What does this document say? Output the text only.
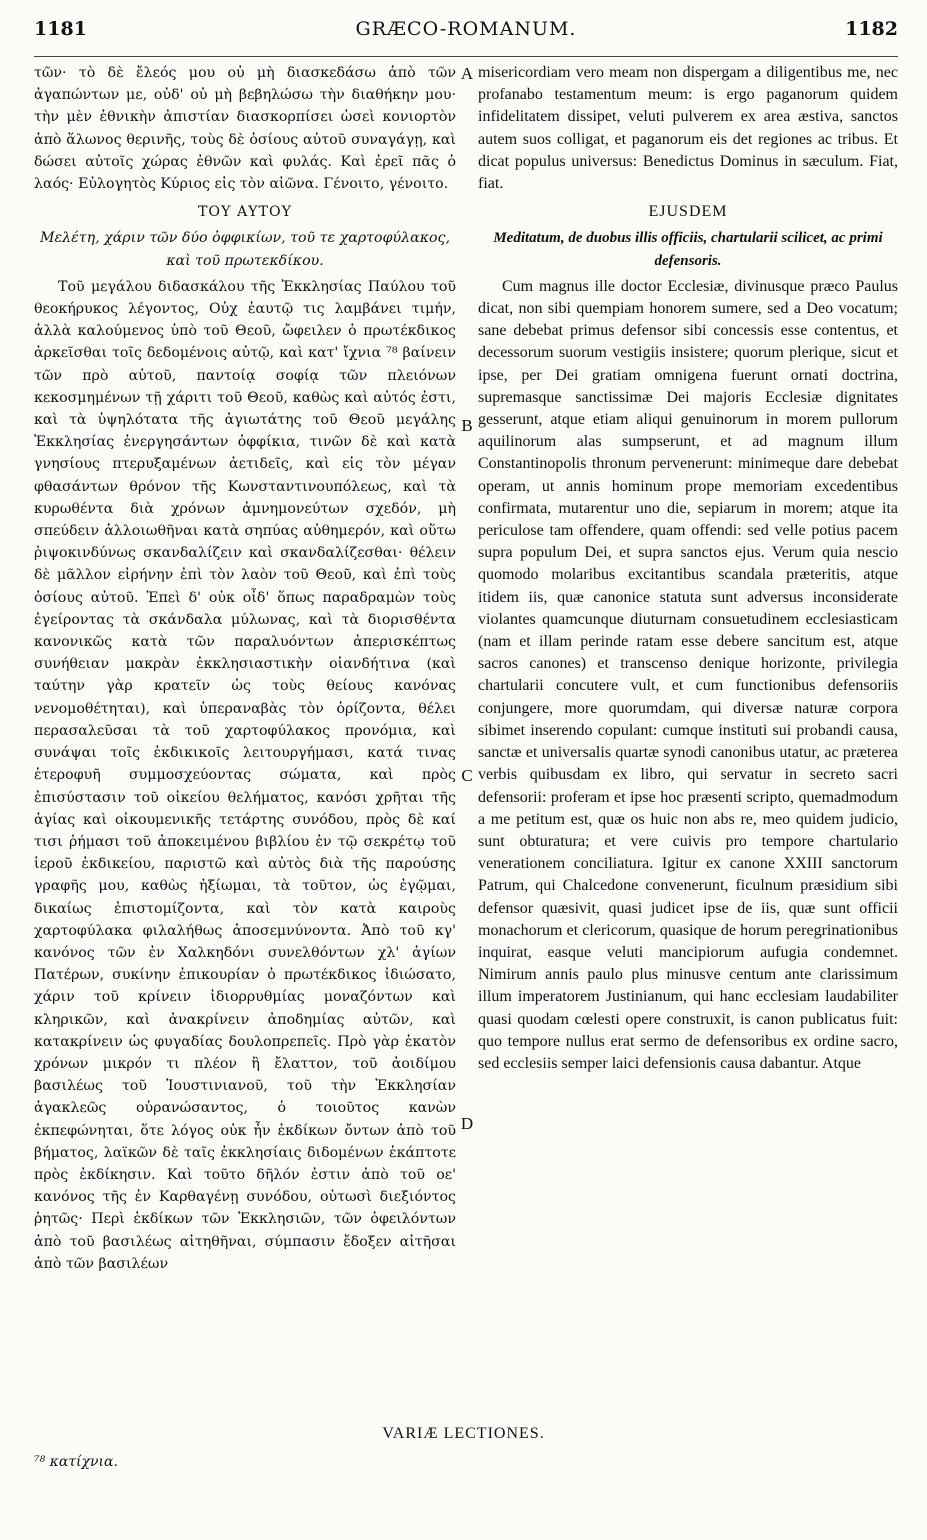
1181	GRÆCO-ROMANUM.	1182

τῶν· τὸ δὲ ἔλεός μου οὐ μὴ διασκεδάσω ἀπὸ τῶν ἀγαπώντων με, οὐδ' οὐ μὴ βεβηλώσω τὴν διαθήκην μου· τὴν μὲν ἐθνικὴν ἀπιστίαν διασκορπίσει ὡσεὶ κονιορτὸν ἀπὸ ἅλωνος θερινῆς, τοὺς δὲ ὁσίους αὐτοῦ συναγάγῃ, καὶ δώσει αὐτοῖς χώρας ἐθνῶν καὶ φυλάς. Καὶ ἐρεῖ πᾶς ὁ λαός· Εὐλογητὸς Κύριος εἰς τὸν αἰῶνα. Γένοιτο, γένοιτο.

ΤΟΥ ΑΥΤΟΥ

Μελέτη, χάριν τῶν δύο ὀφφικίων, τοῦ τε χαρτοφύλακος, καὶ τοῦ πρωτεκδίκου.

Τοῦ μεγάλου διδασκάλου τῆς Ἐκκλησίας Παύλου τοῦ θεοκήρυκος λέγοντος, Οὐχ ἑαυτῷ τις λαμβάνει τιμήν, ἀλλὰ καλούμενος ὑπὸ τοῦ Θεοῦ, ὤφειλεν ὁ πρωτέκδικος ἀρκεῖσθαι τοῖς δεδομένοις αὐτῷ, καὶ κατ' ἴχνια ⁷⁸ βαίνειν τῶν πρὸ αὐτοῦ, παντοίᾳ σοφίᾳ τῶν πλειόνων κεκοσμημένων τῇ χάριτι τοῦ Θεοῦ, καθὼς καὶ αὐτός ἐστι, καὶ τὰ ὑψηλότατα τῆς ἁγιωτάτης τοῦ Θεοῦ μεγάλης Ἐκκλησίας ἐνεργησάντων ὀφφίκια, τινῶν δὲ καὶ κατὰ γνησίους πτερυξαμένων ἀετιδεῖς, καὶ εἰς τὸν μέγαν φθασάντων θρόνον τῆς Κωνσταντινουπόλεως, καὶ τὰ κυρωθέντα διὰ χρόνων ἀμνημονεύτων σχεδόν, μὴ σπεύδειν ἀλλοιωθῆναι κατὰ σηπύας αὐθημερόν, καὶ οὕτω ῥιψοκινδύνως σκανδαλίζειν καὶ σκανδαλίζεσθαι· θέλειν δὲ μᾶλλον εἰρήνην ἐπὶ τὸν λαὸν τοῦ Θεοῦ, καὶ ἐπὶ τοὺς ὁσίους αὐτοῦ. Ἐπεὶ δ' οὐκ οἶδ' ὅπως παραδραμὼν τοὺς ἐγείροντας τὰ σκάνδαλα μύλωνας, καὶ τὰ διορισθέντα κανονικῶς κατὰ τῶν παραλυόντων ἀπερισκέπτως συνήθειαν μακρὰν ἐκκλησιαστικὴν οἱανδήτινα (καὶ ταύτην γὰρ κρατεῖν ὡς τοὺς θείους κανόνας νενομοθέτηται), καὶ ὑπεραναβὰς τὸν ὁρίζοντα, θέλει περασαλεῦσαι τὰ τοῦ χαρτοφύλακος προνόμια, καὶ συνάψαι τοῖς ἐκδικικοῖς λειτουργήμασι, κατά τινας ἑτεροφυῆ συμμοσχεύοντας σώματα, καὶ πρὸς ἐπισύστασιν τοῦ οἰκείου θελήματος, κανόσι χρῆται τῆς ἁγίας καὶ οἰκουμενικῆς τετάρτης συνόδου, πρὸς δὲ καί τισι ῥήμασι τοῦ ἀποκειμένου βιβλίου ἐν τῷ σεκρέτῳ τοῦ ἱεροῦ ἐκδικείου, παριστῶ καὶ αὐτὸς διὰ τῆς παρούσης γραφῆς μου, καθὼς ἠξίωμαι, τὰ τοῦτον, ὡς ἐγῷμαι, δικαίως ἐπιστομίζοντα, καὶ τὸν κατὰ καιροὺς χαρτοφύλακα φιλαλήθως ἀποσεμνύνοντα. Ἀπὸ τοῦ κγ' κανόνος τῶν ἐν Χαλκηδόνι συνελθόντων χλ' ἁγίων Πατέρων, συκίνην ἐπικουρίαν ὁ πρωτέκδικος ἰδιώσατο, χάριν τοῦ κρίνειν ἰδιορρυθμίας μοναζόντων καὶ κληρικῶν, καὶ ἀνακρίνειν ἀποδημίας αὐτῶν, καὶ κατακρίνειν ὡς φυγαδίας δουλοπρεπεῖς. Πρὸ γὰρ ἑκατὸν χρόνων μικρόν τι πλέον ἢ ἔλαττον, τοῦ ἀοιδίμου βασιλέως τοῦ Ἰουστινιανοῦ, τοῦ τὴν Ἐκκλησίαν ἀγακλεῶς οὐρανώσαντος, ὁ τοιοῦτος κανὼν ἐκπεφώνηται, ὅτε λόγος οὐκ ἦν ἐκδίκων ὄντων ἀπὸ τοῦ βήματος, λαϊκῶν δὲ ταῖς ἐκκλησίαις διδομένων ἑκάπτοτε πρὸς ἐκδίκησιν. Καὶ τοῦτο δῆλόν ἐστιν ἀπὸ τοῦ οε' κανόνος τῆς ἐν Καρθαγένῃ συνόδου, οὑτωσὶ διεξιόντος ῥητῶς· Περὶ ἐκδίκων τῶν Ἐκκλησιῶν, τῶν ὀφειλόντων ἀπὸ τοῦ βασιλέως αἰτηθῆναι, σύμπασιν ἔδοξεν αἰτῆσαι ἀπὸ τῶν βασιλέων

A
B
C
D

misericordiam vero meam non dispergam a diligentibus me, nec profanabo testamentum meum: is ergo paganorum quidem infidelitatem dissipet, veluti pulverem ex area æstiva, sanctos autem suos colligat, et paganorum eis det regiones ac tribus. Et dicat populus universus: Benedictus Dominus in sæculum. Fiat, fiat.

EJUSDEM

Meditatum, de duobus illis officiis, chartularii scilicet, ac primi defensoris.

Cum magnus ille doctor Ecclesiæ, divinusque præco Paulus dicat, non sibi quempiam honorem sumere, sed a Deo vocatum; sane debebat primus defensor sibi concessis esse contentus, et decessorum suorum vestigiis insistere; quorum plerique, sicut et ipse, per Dei gratiam omnigena fuerunt ornati doctrina, supremasque sanctissimæ Dei majoris Ecclesiæ dignitates gesserunt, atque etiam aliqui genuinorum in morem pullorum aquilinorum alas sumpserunt, et ad magnum illum Constantinopolis thronum pervenerunt: minimeque dare debebat operam, ut annis hominum prope memoriam excedentibus confirmata, mutarentur uno die, sepiarum in morem; atque ita periculose tam offendere, quam offendi: sed velle potius pacem supra populum Dei, et supra sanctos ejus. Verum quia nescio quomodo molaribus excitantibus scandala præteritis, atque itidem iis, quæ canonice statuta sunt adversus inconsiderate violantes quamcunque diuturnam consuetudinem ecclesiasticam (nam et illam perinde ratam esse debere sancitum est, atque sacros canones) et transcenso denique horizonte, privilegia chartularii concutere vult, et cum functionibus defensoriis conjungere, more quorumdam, qui diversæ naturæ corpora sibimet inserendo copulant: cumque instituti sui probandi causa, sanctæ et universalis quartæ synodi canonibus utatur, ac præterea verbis quibusdam ex libro, qui servatur in secreto sacri defensorii: proferam et ipse hoc præsenti scripto, quemadmodum a me petitum est, quæ os huic non abs re, meo quidem judicio, sunt obturatura; et vere cuivis pro tempore chartulario venerationem conciliatura. Igitur ex canone XXIII sanctorum Patrum, qui Chalcedone convenerunt, ficulnum præsidium sibi defensor quæsivit, quasi judicet ipse de iis, quæ sunt officii monachorum et clericorum, quasique de horum peregrinationibus inquirat, easque veluti mancipiorum aufugia condemnet. Nimirum annis paulo plus minusve centum ante clarissimum illum imperatorem Justinianum, qui hanc ecclesiam laudabiliter quasi quodam cœlesti opere construxit, is canon publicatus fuit: quo tempore nullus erat sermo de defensoribus ex ordine sacro, sed ecclesiis semper laici defensionis causa dabantur. Atque

VARIÆ LECTIONES.
⁷⁸ κατίχνια.
